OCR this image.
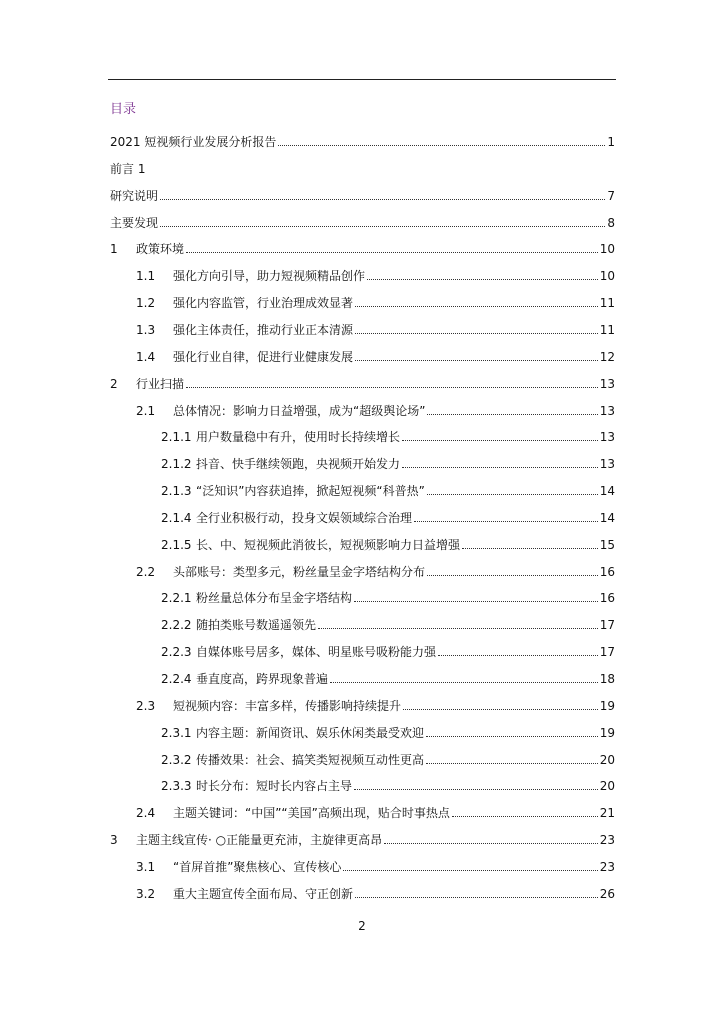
目录
2021 短视频行业发展分析报告	1
前言 1
研究说明	7
主要发现	8
1	政策环境	10
1.1	强化方向引导，助力短视频精品创作	10
1.2	强化内容监管，行业治理成效显著	11
1.3	强化主体责任，推动行业正本清源	11
1.4	强化行业自律，促进行业健康发展	12
2	行业扫描	13
2.1	总体情况：影响力日益增强，成为“超级舆论场”	13
2.1.1 用户数量稳中有升，使用时长持续增长	13
2.1.2 抖音、快手继续领跑，央视频开始发力	13
2.1.3 “泛知识”内容获追捧，掀起短视频“科普热”	14
2.1.4 全行业积极行动，投身文娱领域综合治理	14
2.1.5 长、中、短视频此消彼长，短视频影响力日益增强	15
2.2	头部账号：类型多元，粉丝量呈金字塔结构分布	16
2.2.1 粉丝量总体分布呈金字塔结构	16
2.2.2 随拍类账号数遥遥领先	17
2.2.3 自媒体账号居多，媒体、明星账号吸粉能力强	17
2.2.4 垂直度高，跨界现象普遍	18
2.3	短视频内容：丰富多样，传播影响持续提升	19
2.3.1 内容主题：新闻资讯、娱乐休闲类最受欢迎	19
2.3.2 传播效果：社会、搞笑类短视频互动性更高	20
2.3.3 时长分布：短时长内容占主导	20
2.4	主题关键词：“中国”“美国”高频出现，贴合时事热点	21
3	主题主线宣传· ○正能量更充沛，主旋律更高昂	23
3.1	“首屏首推”聚焦核心、宣传核心	23
3.2	重大主题宣传全面布局、守正创新	26
2
